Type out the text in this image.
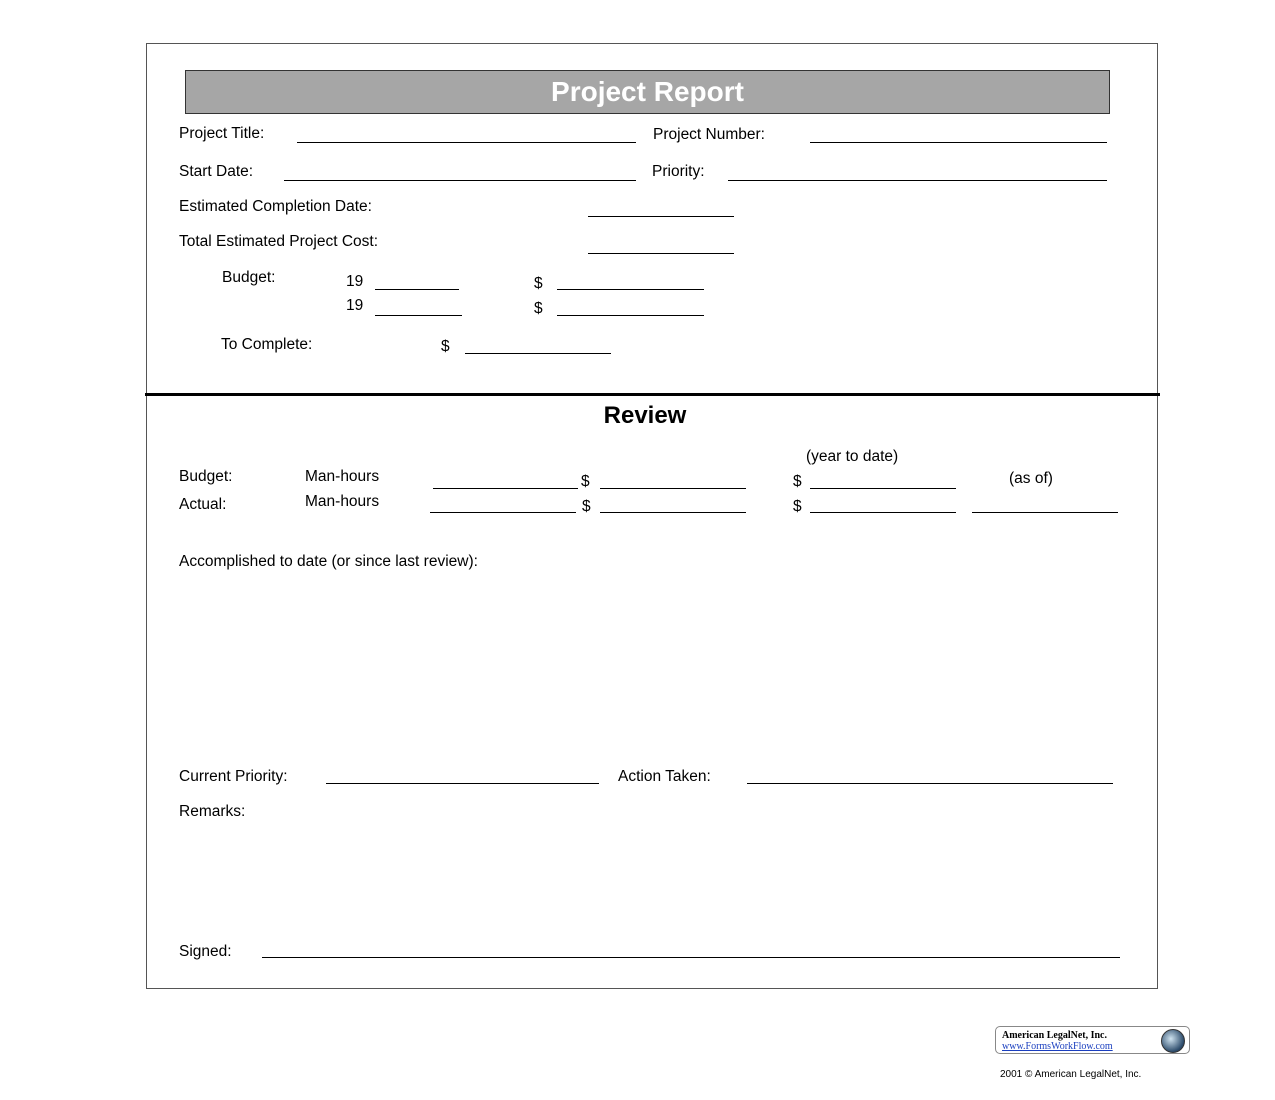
Project Report
Project Title:	Project Number:
Start Date:	Priority:
Estimated Completion Date:
Total Estimated Project Cost:
Budget:	19	$
19	$
To Complete:	$
Review
(year to date)
(as of)
Budget:	Man-hours	$	$
Actual:	Man-hours	$	$
Accomplished to date (or since last review):
Current Priority:	Action Taken:
Remarks:
Signed:
American LegalNet, Inc.
www.FormsWorkFlow.com
2001 © American LegalNet, Inc.
